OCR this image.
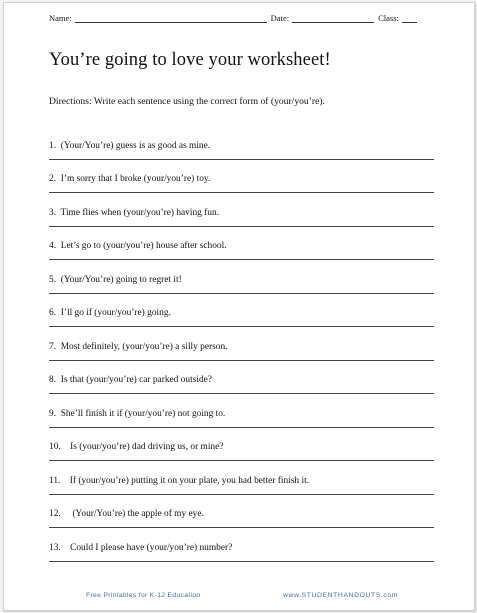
Name:	Date:	Class:
You’re going to love your worksheet!
Directions: Write each sentence using the correct form of (your/you’re).
1.  (Your/You’re) guess is as good as mine.
2.  I’m sorry that I broke (your/you’re) toy.
3.  Time flies when (your/you’re) having fun.
4.  Let’s go to (your/you’re) house after school.
5.  (Your/You’re) going to regret it!
6.  I’ll go if (your/you’re) going.
7.  Most definitely, (your/you’re) a silly person.
8.  Is that (your/you’re) car parked outside?
9.  She’ll finish it if (your/you’re) not going to.
10.    Is (your/you’re) dad driving us, or mine?
11.    If (your/you’re) putting it on your plate, you had better finish it.
12.     (Your/You’re) the apple of my eye.
13.    Could I please have (your/you’re) number?
Free Printables for K-12 Education	www.STUDENTHANDOUTS.com
